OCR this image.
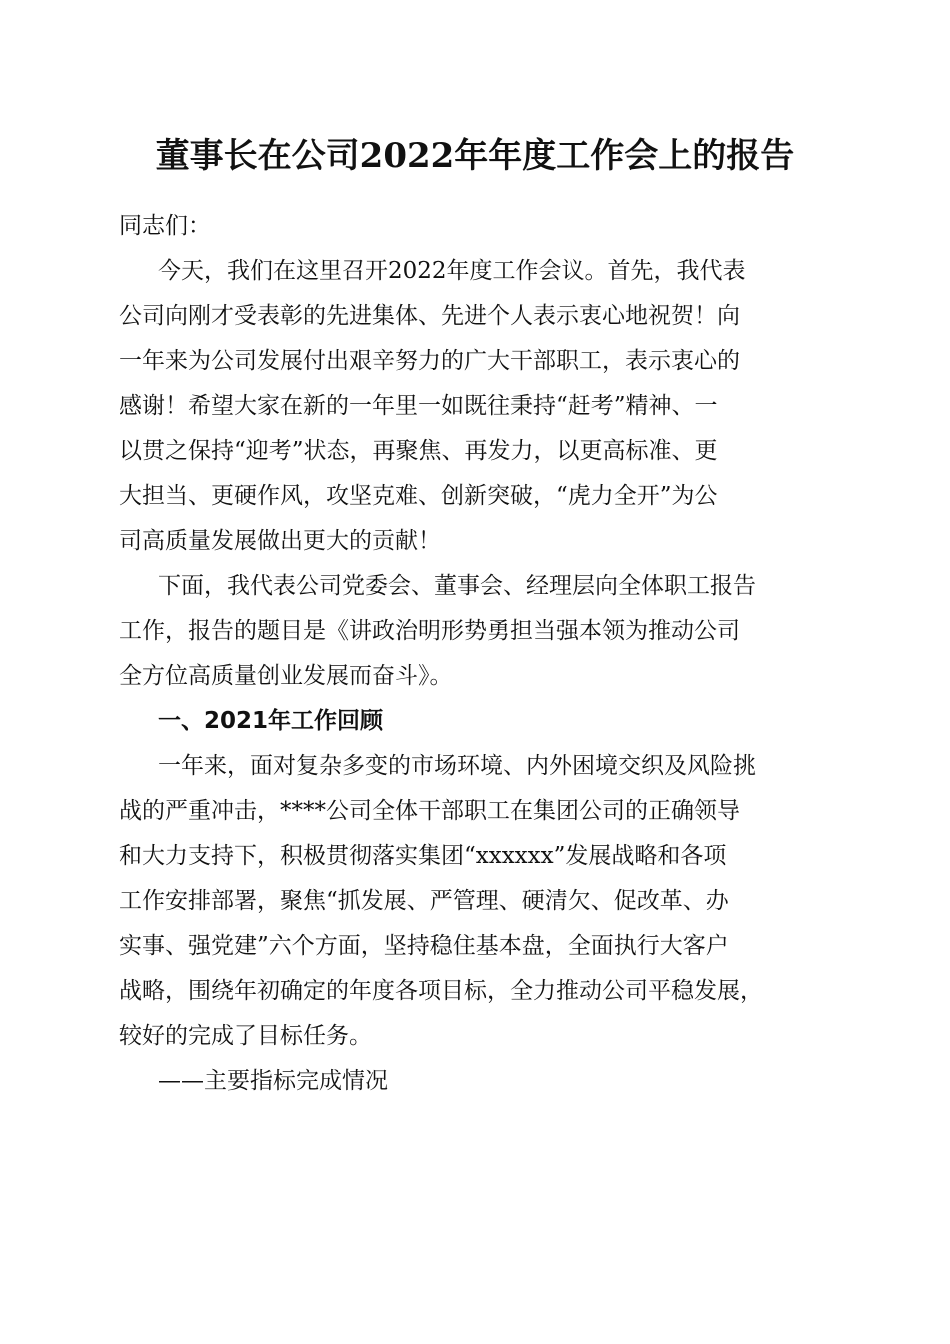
董事长在公司2022年年度工作会上的报告
同志们：
今天，我们在这里召开2022年度工作会议。首先，我代表
公司向刚才受表彰的先进集体、先进个人表示衷心地祝贺！向
一年来为公司发展付出艰辛努力的广大干部职工，表示衷心的
感谢！希望大家在新的一年里一如既往秉持“赶考”精神、一
以贯之保持“迎考”状态，再聚焦、再发力，以更高标准、更
大担当、更硬作风，攻坚克难、创新突破，“虎力全开”为公
司高质量发展做出更大的贡献！
下面，我代表公司党委会、董事会、经理层向全体职工报告
工作，报告的题目是《讲政治明形势勇担当强本领为推动公司
全方位高质量创业发展而奋斗》。
一、2021年工作回顾
一年来，面对复杂多变的市场环境、内外困境交织及风险挑
战的严重冲击，****公司全体干部职工在集团公司的正确领导
和大力支持下，积极贯彻落实集团“xxxxxx”发展战略和各项
工作安排部署，聚焦“抓发展、严管理、硬清欠、促改革、办
实事、强党建”六个方面，坚持稳住基本盘，全面执行大客户
战略，围绕年初确定的年度各项目标，全力推动公司平稳发展，
较好的完成了目标任务。
——主要指标完成情况
